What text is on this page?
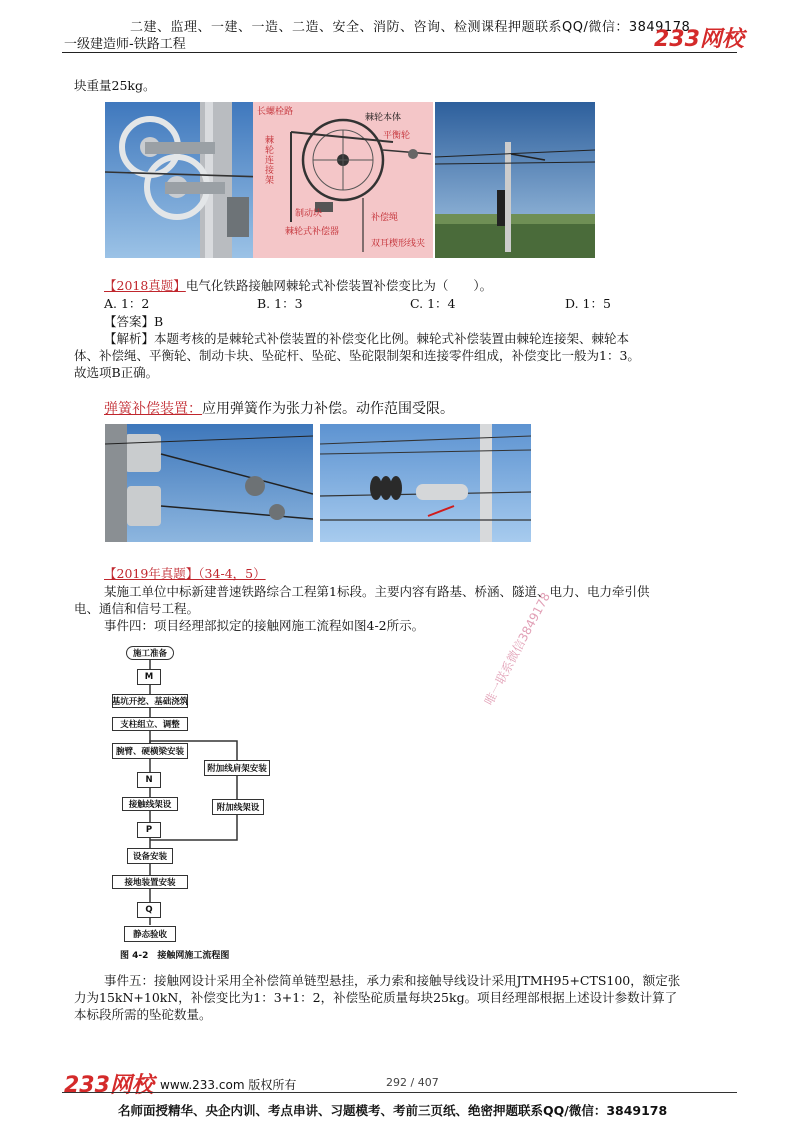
二建、监理、一建、一造、二造、安全、消防、咨询、检测课程押题联系QQ/微信：3849178
一级建造师-铁路工程	233网校
块重量25kg。
长螺栓路
棘轮本体
平衡轮
棘轮连接架
制动块	补偿绳
棘轮式补偿器
双耳楔形线夹
【2018真题】电气化铁路接触网棘轮式补偿装置补偿变比为（　　）。
A. 1：2	B. 1：3	C. 1：4	D. 1：5
【答案】B
【解析】本题考核的是棘轮式补偿装置的补偿变化比例。棘轮式补偿装置由棘轮连接架、棘轮本
体、补偿绳、平衡轮、制动卡块、坠砣杆、坠砣、坠砣限制架和连接零件组成，补偿变比一般为1：3。
故选项B正确。
弹簧补偿装置：应用弹簧作为张力补偿。动作范围受限。
【2019年真题】（34-4，5）
某施工单位中标新建普速铁路综合工程第1标段。主要内容有路基、桥涵、隧道、电力、电力牵引供
电、通信和信号工程。
事件四：项目经理部拟定的接触网施工流程如图4-2所示。
施工准备
M
基坑开挖、基础浇筑
支柱组立、调整
腕臂、硬横梁安装
N
接触线架设
P
设备安装
接地装置安装
Q
静态验收
附加线肩架安装
附加线架设
图 4-2　接触网施工流程图
唯一联系微信3849178
事件五：接触网设计采用全补偿简单链型悬挂，承力索和接触导线设计采用JTMH95+CTS100，额定张
力为15kN+10kN，补偿变比为1：3+1：2，补偿坠砣质量每块25kg。项目经理部根据上述设计参数计算了
本标段所需的坠砣数量。
233网校 www.233.com 版权所有	292 / 407
名师面授精华、央企内训、考点串讲、习题模考、考前三页纸、绝密押题联系QQ/微信：3849178
